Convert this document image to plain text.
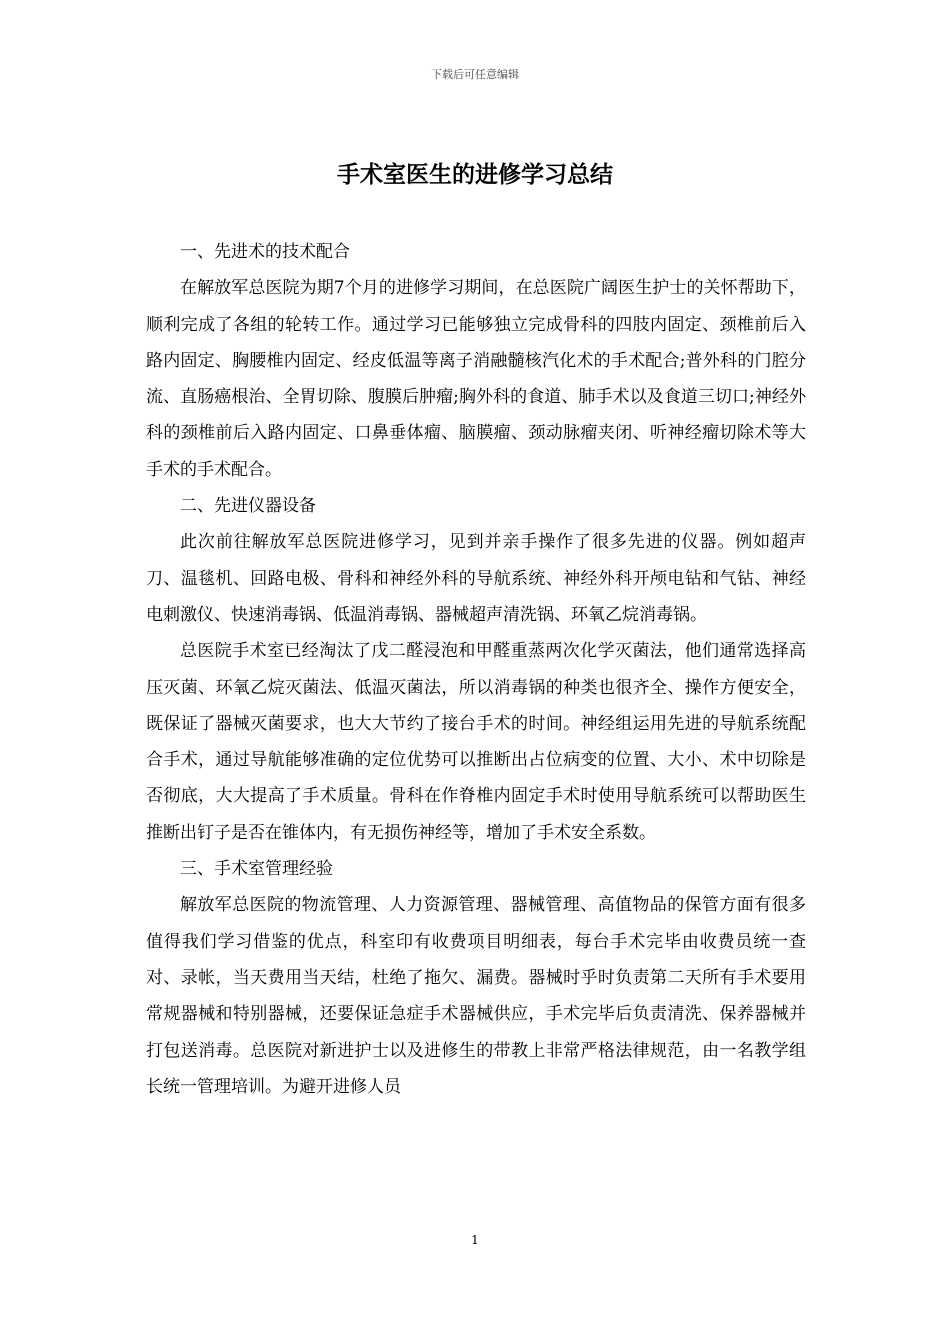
下载后可任意编辑
手术室医生的进修学习总结

一、先进术的技术配合

在解放军总医院为期7个月的进修学习期间，在总医院广阔医生护士的关怀帮助下，顺利完成了各组的轮转工作。通过学习已能够独立完成骨科的四肢内固定、颈椎前后入路内固定、胸腰椎内固定、经皮低温等离子消融髓核汽化术的手术配合;普外科的门腔分流、直肠癌根治、全胃切除、腹膜后肿瘤;胸外科的食道、肺手术以及食道三切口;神经外科的颈椎前后入路内固定、口鼻垂体瘤、脑膜瘤、颈动脉瘤夹闭、听神经瘤切除术等大手术的手术配合。

二、先进仪器设备

此次前往解放军总医院进修学习，见到并亲手操作了很多先进的仪器。例如超声刀、温毯机、回路电极、骨科和神经外科的导航系统、神经外科开颅电钻和气钻、神经电刺激仪、快速消毒锅、低温消毒锅、器械超声清洗锅、环氧乙烷消毒锅。

总医院手术室已经淘汰了戊二醛浸泡和甲醛重蒸两次化学灭菌法，他们通常选择高压灭菌、环氧乙烷灭菌法、低温灭菌法，所以消毒锅的种类也很齐全、操作方便安全，既保证了器械灭菌要求，也大大节约了接台手术的时间。神经组运用先进的导航系统配合手术，通过导航能够准确的定位优势可以推断出占位病变的位置、大小、术中切除是否彻底，大大提高了手术质量。骨科在作脊椎内固定手术时使用导航系统可以帮助医生推断出钉子是否在锥体内，有无损伤神经等，增加了手术安全系数。

三、手术室管理经验

解放军总医院的物流管理、人力资源管理、器械管理、高值物品的保管方面有很多值得我们学习借鉴的优点，科室印有收费项目明细表，每台手术完毕由收费员统一查对、录帐，当天费用当天结，杜绝了拖欠、漏费。器械时乎时负责第二天所有手术要用常规器械和特别器械，还要保证急症手术器械供应，手术完毕后负责清洗、保养器械并打包送消毒。总医院对新进护士以及进修生的带教上非常严格法律规范，由一名教学组长统一管理培训。为避开进修人员

1
